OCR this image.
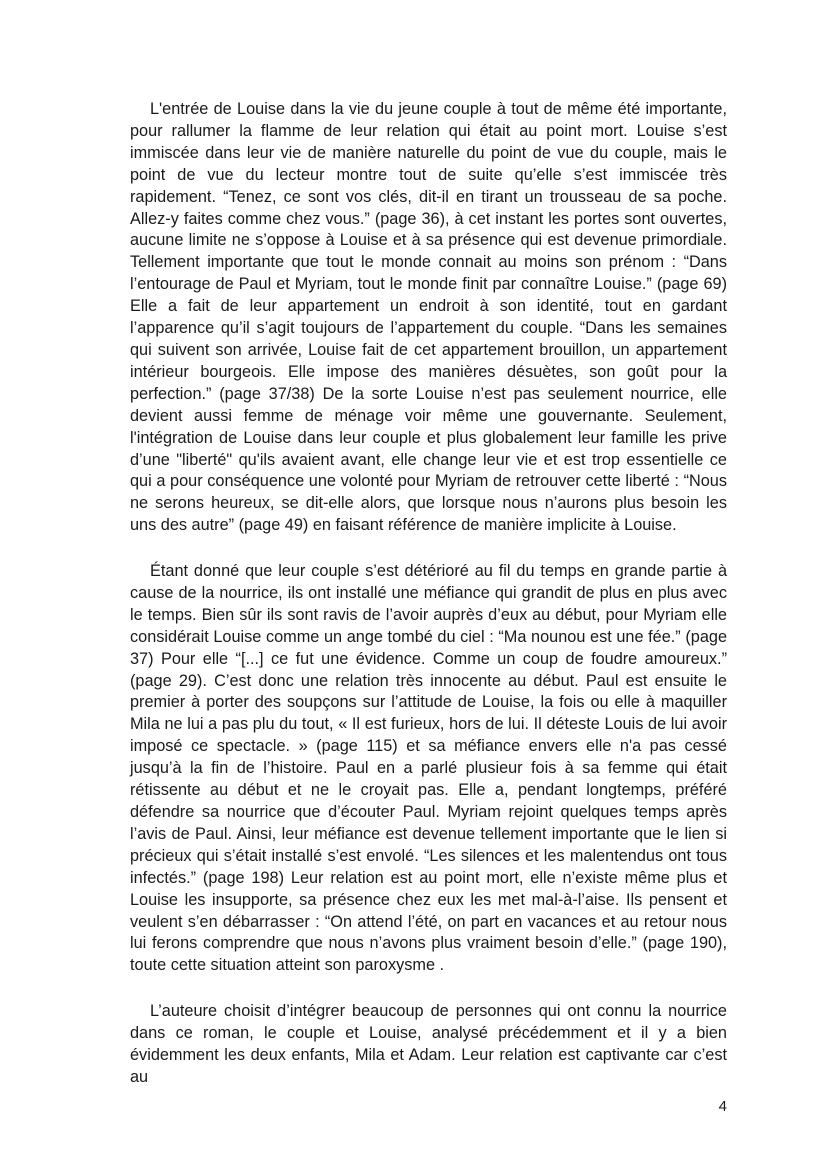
L'entrée de Louise dans la vie du jeune couple à tout de même été importante, pour rallumer la flamme de leur relation qui était au point mort. Louise s’est immiscée dans leur vie de manière naturelle du point de vue du couple, mais le point de vue du lecteur montre tout de suite qu’elle s’est immiscée très rapidement. “Tenez, ce sont vos clés, dit-il en tirant un trousseau de sa poche. Allez-y faites comme chez vous.” (page 36), à cet instant les portes sont ouvertes, aucune limite ne s’oppose à Louise et à sa présence qui est devenue primordiale. Tellement importante que tout le monde connait au moins son prénom : “Dans l’entourage de Paul et Myriam, tout le monde finit par connaître Louise.” (page 69) Elle a fait de leur appartement un endroit à son identité, tout en gardant l’apparence qu’il s’agit toujours de l’appartement du couple. “Dans les semaines qui suivent son arrivée, Louise fait de cet appartement brouillon, un appartement intérieur bourgeois. Elle impose des manières désuètes, son goût pour la perfection.” (page 37/38) De la sorte Louise n’est pas seulement nourrice, elle devient aussi femme de ménage voir même une gouvernante. Seulement, l'intégration de Louise dans leur couple et plus globalement leur famille les prive d’une "liberté" qu'ils avaient avant, elle change leur vie et est trop essentielle ce qui a pour conséquence une volonté pour Myriam de retrouver cette liberté : “Nous ne serons heureux, se dit-elle alors, que lorsque nous n’aurons plus besoin les uns des autre” (page 49) en faisant référence de manière implicite à Louise.

Étant donné que leur couple s’est détérioré au fil du temps en grande partie à cause de la nourrice, ils ont installé une méfiance qui grandit de plus en plus avec le temps. Bien sûr ils sont ravis de l’avoir auprès d’eux au début, pour Myriam elle considérait Louise comme un ange tombé du ciel : “Ma nounou est une fée.” (page 37) Pour elle “[...] ce fut une évidence. Comme un coup de foudre amoureux.” (page 29). C’est donc une relation très innocente au début. Paul est ensuite le premier à porter des soupçons sur l’attitude de Louise, la fois ou elle à maquiller Mila ne lui a pas plu du tout, « Il est furieux, hors de lui. Il déteste Louis de lui avoir imposé ce spectacle. » (page 115) et sa méfiance envers elle n'a pas cessé jusqu’à la fin de l’histoire. Paul en a parlé plusieur fois à sa femme qui était rétissente au début et ne le croyait pas. Elle a, pendant longtemps, préféré défendre sa nourrice que d’écouter Paul. Myriam rejoint quelques temps après l’avis de Paul. Ainsi, leur méfiance est devenue tellement importante que le lien si précieux qui s’était installé s’est envolé. “Les silences et les malentendus ont tous infectés.” (page 198) Leur relation est au point mort, elle n’existe même plus et Louise les insupporte, sa présence chez eux les met mal-à-l’aise. Ils pensent et veulent s’en débarrasser : “On attend l’été, on part en vacances et au retour nous lui ferons comprendre que nous n’avons plus vraiment besoin d’elle.” (page 190), toute cette situation atteint son paroxysme .

L’auteure choisit d’intégrer beaucoup de personnes qui ont connu la nourrice dans ce roman, le couple et Louise, analysé précédemment et il y a bien évidemment les deux enfants, Mila et Adam. Leur relation est captivante car c’est au

4
